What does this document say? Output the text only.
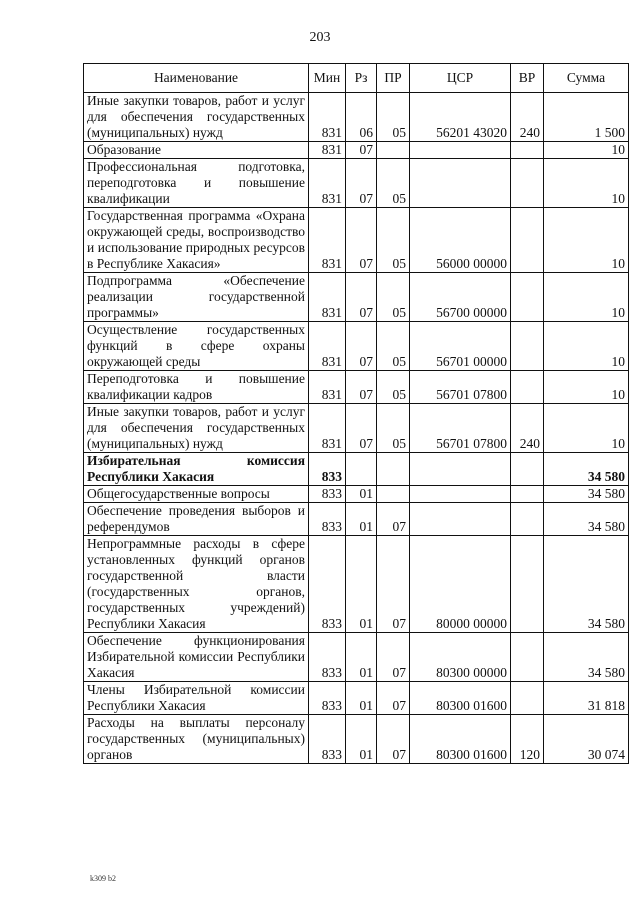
203
Наименование	Мин	Рз	ПР	ЦСР	ВР	Сумма
Иные закупки товаров, работ и услуг для обеспечения государственных (муниципальных) нужд	831	06	05	56201 43020	240	1 500
Образование	831	07				10
Профессиональная подготовка, переподготовка и повышение квалификации	831	07	05			10
Государственная программа «Охрана окружающей среды, воспроизводство и использование природных ресурсов в Республике Хакасия»	831	07	05	56000 00000		10
Подпрограмма «Обеспечение реализации государственной программы»	831	07	05	56700 00000		10
Осуществление государственных функций в сфере охраны окружающей среды	831	07	05	56701 00000		10
Переподготовка и повышение квалификации кадров	831	07	05	56701 07800		10
Иные закупки товаров, работ и услуг для обеспечения государственных (муниципальных) нужд	831	07	05	56701 07800	240	10
Избирательная комиссия Республики Хакасия	833					34 580
Общегосударственные вопросы	833	01				34 580
Обеспечение проведения выборов и референдумов	833	01	07			34 580
Непрограммные расходы в сфере установленных функций органов государственной власти (государственных органов, государственных учреждений) Республики Хакасия	833	01	07	80000 00000		34 580
Обеспечение функционирования Избирательной комиссии Республики Хакасия	833	01	07	80300 00000		34 580
Члены Избирательной комиссии Республики Хакасия	833	01	07	80300 01600		31 818
Расходы на выплаты персоналу государственных (муниципальных) органов	833	01	07	80300 01600	120	30 074
k309 b2
